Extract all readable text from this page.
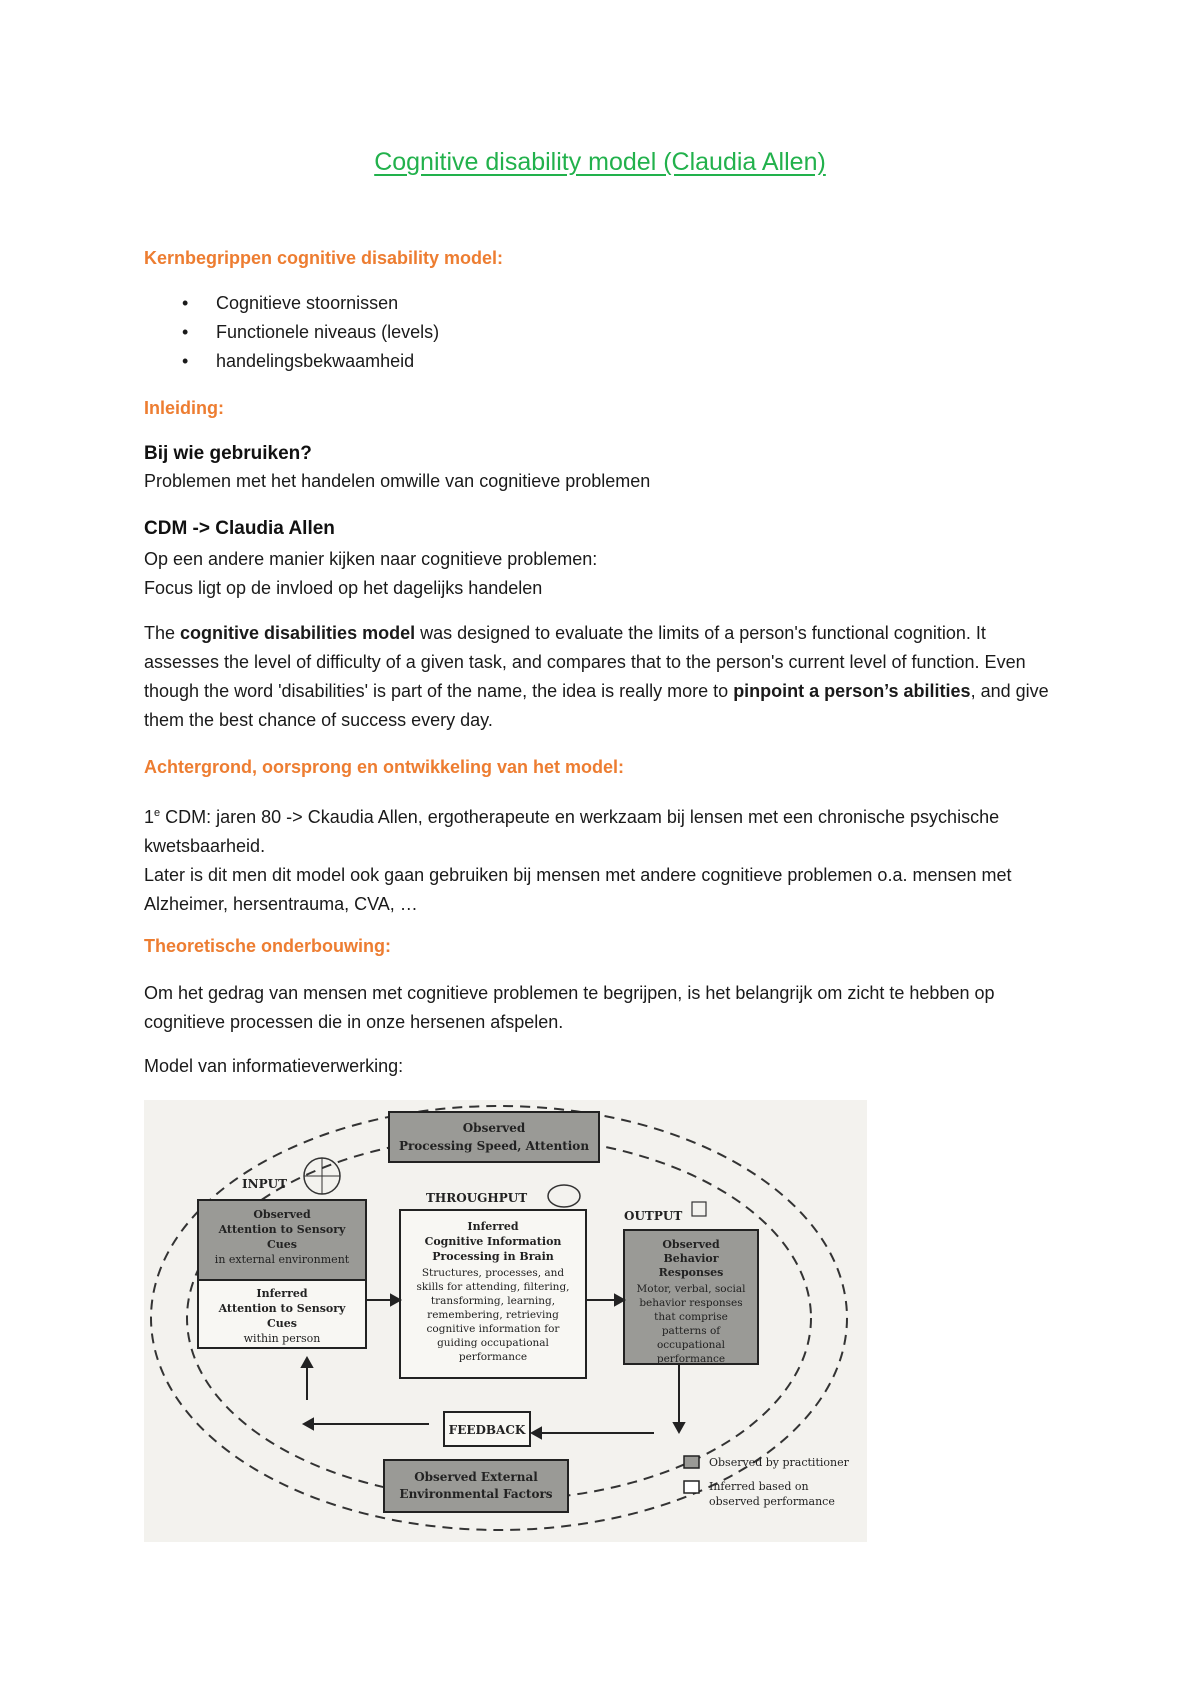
Cognitive disability model (Claudia Allen)
Kernbegrippen cognitive disability model:
• Cognitieve stoornissen
• Functionele niveaus (levels)
• handelingsbekwaamheid
Inleiding:
Bij wie gebruiken?
Problemen met het handelen omwille van cognitieve problemen
CDM -> Claudia Allen
Op een andere manier kijken naar cognitieve problemen:
Focus ligt op de invloed op het dagelijks handelen
The cognitive disabilities model was designed to evaluate the limits of a person's functional cognition. It assesses the level of difficulty of a given task, and compares that to the person's current level of function. Even though the word 'disabilities' is part of the name, the idea is really more to pinpoint a person’s abilities, and give them the best chance of success every day.
Achtergrond, oorsprong en ontwikkeling van het model:
1e CDM: jaren 80 -> Ckaudia Allen, ergotherapeute en werkzaam bij lensen met een chronische psychische kwetsbaarheid.
Later is dit men dit model ook gaan gebruiken bij mensen met andere cognitieve problemen o.a. mensen met Alzheimer, hersentrauma, CVA, …
Theoretische onderbouwing:
Om het gedrag van mensen met cognitieve problemen te begrijpen, is het belangrijk om zicht te hebben op cognitieve processen die in onze hersenen afspelen.
Model van informatieverwerking:
Observed
Processing Speed, Attention
INPUT
THROUGHPUT
OUTPUT
Observed
Attention to Sensory
Cues
in external environment
Inferred
Attention to Sensory
Cues
within person
Inferred
Cognitive Information
Processing in Brain
Structures, processes, and
skills for attending, filtering,
transforming, learning,
remembering, retrieving
cognitive information for
guiding occupational
performance
Observed
Behavior
Responses
Motor, verbal, social
behavior responses
that comprise
patterns of
occupational
performance
FEEDBACK
Observed External
Environmental Factors
Observed by practitioner
Inferred based on
observed performance
